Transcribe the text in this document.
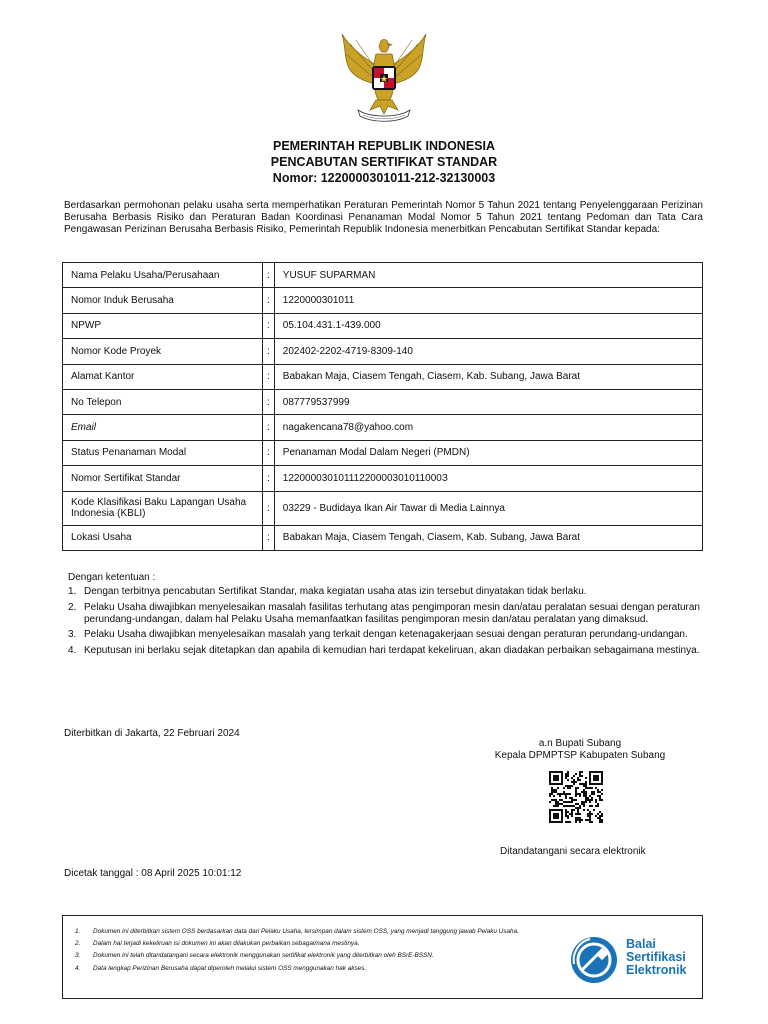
PEMERINTAH REPUBLIK INDONESIA
PENCABUTAN SERTIFIKAT STANDAR
Nomor: 1220000301011-212-32130003
Berdasarkan permohonan pelaku usaha serta memperhatikan Peraturan Pemerintah Nomor 5 Tahun 2021 tentang Penyelenggaraan Perizinan Berusaha Berbasis Risiko dan Peraturan Badan Koordinasi Penanaman Modal Nomor 5 Tahun 2021 tentang Pedoman dan Tata Cara Pengawasan Perizinan Berusaha Berbasis Risiko, Pemerintah Republik Indonesia menerbitkan Pencabutan Sertifikat Standar kepada:
Nama Pelaku Usaha/Perusahaan	:	YUSUF SUPARMAN
Nomor Induk Berusaha	:	1220000301011
NPWP	:	05.104.431.1-439.000
Nomor Kode Proyek	:	202402-2202-4719-8309-140
Alamat Kantor	:	Babakan Maja, Ciasem Tengah, Ciasem, Kab. Subang, Jawa Barat
No Telepon	:	087779537999
Email	:	nagakencana78@yahoo.com
Status Penanaman Modal	:	Penanaman Modal Dalam Negeri (PMDN)
Nomor Sertifikat Standar	:	12200003010111220000301011000З
Kode Klasifikasi Baku Lapangan Usaha Indonesia (KBLI)	:	03229 - Budidaya Ikan Air Tawar di Media Lainnya
Lokasi Usaha	:	Babakan Maja, Ciasem Tengah, Ciasem, Kab. Subang, Jawa Barat
Dengan ketentuan :
1. Dengan terbitnya pencabutan Sertifikat Standar, maka kegiatan usaha atas izin tersebut dinyatakan tidak berlaku.
2. Pelaku Usaha diwajibkan menyelesaikan masalah fasilitas terhutang atas pengimporan mesin dan/atau peralatan sesuai dengan peraturan perundang-undangan, dalam hal Pelaku Usaha memanfaatkan fasilitas pengimporan mesin dan/atau peralatan yang dimaksud.
3. Pelaku Usaha diwajibkan menyelesaikan masalah yang terkait dengan ketenagakerjaan sesuai dengan peraturan perundang-undangan.
4. Keputusan ini berlaku sejak ditetapkan dan apabila di kemudian hari terdapat kekeliruan, akan diadakan perbaikan sebagaimana mestinya.
Diterbitkan di Jakarta, 22 Februari 2024
a.n Bupati Subang
Kepala DPMPTSP Kabupaten Subang
Ditandatangani secara elektronik
Dicetak tanggal : 08 April 2025 10:01:12
1. Dokumen ini diterbitkan sistem OSS berdasarkan data dari Pelaku Usaha, tersimpan dalam sistem OSS, yang menjadi tanggung jawab Pelaku Usaha.
2. Dalam hal terjadi kekeliruan isi dokumen ini akan dilakukan perbaikan sebagaimana mestinya.
3. Dokumen ini telah ditandatangani secara elektronik menggunakan sertifikat elektronik yang diterbitkan oleh BSrE-BSSN.
4. Data lengkap Perizinan Berusaha dapat diperoleh melalui sistem OSS menggunakan hak akses.
Balai
Sertifikasi
Elektronik
